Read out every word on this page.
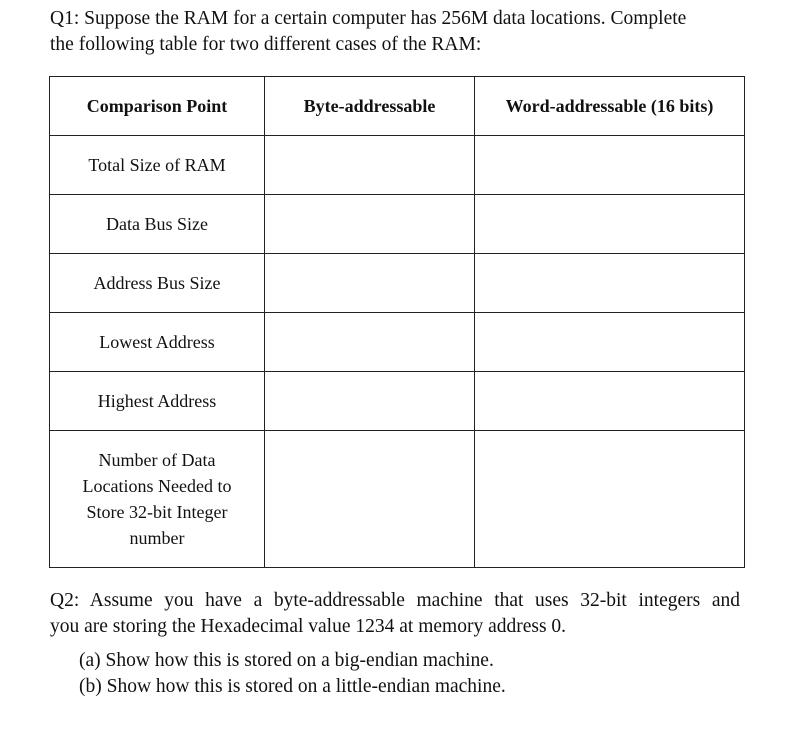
Q1: Suppose the RAM for a certain computer has 256M data locations. Complete
the following table for two different cases of the RAM:
Comparison Point	Byte-addressable	Word-addressable (16 bits)
Total Size of RAM		
Data Bus Size		
Address Bus Size		
Lowest Address		
Highest Address		

Number of Data
Locations Needed to
Store 32-bit Integer
number		

Q2: Assume you have a byte-addressable machine that uses 32-bit integers and
you are storing the Hexadecimal value 1234 at memory address 0.
(a) Show how this is stored on a big-endian machine.
(b) Show how this is stored on a little-endian machine.
